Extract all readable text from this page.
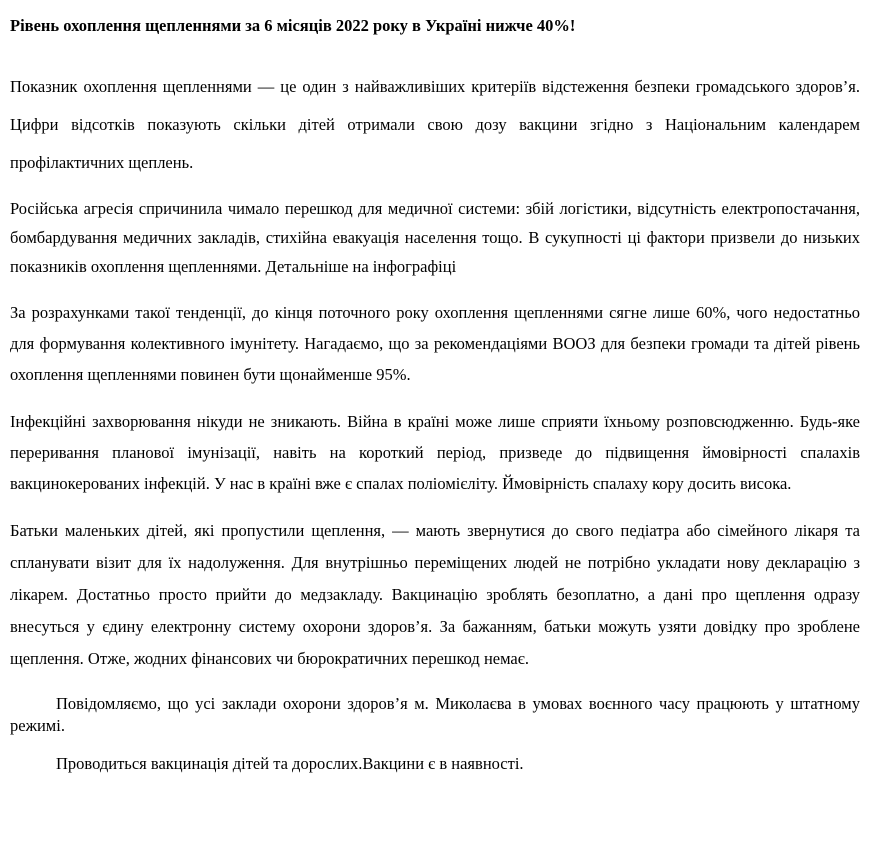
Рівень охоплення щепленнями за 6 місяців 2022 року в Україні нижче 40%!

Показник охоплення щепленнями — це один з найважливіших критеріїв відстеження безпеки громадського здоров’я. Цифри відсотків показують скільки дітей отримали свою дозу вакцини згідно з Національним календарем профілактичних щеплень.

Російська агресія спричинила чимало перешкод для медичної системи: збій логістики, відсутність електропостачання, бомбардування медичних закладів, стихійна евакуація населення тощо. В сукупності ці фактори призвели до низьких показників охоплення щепленнями. Детальніше на інфографіці

За розрахунками такої тенденції, до кінця поточного року охоплення щепленнями сягне лише 60%, чого недостатньо для формування колективного імунітету. Нагадаємо, що за рекомендаціями ВООЗ для безпеки громади та дітей рівень охоплення щепленнями повинен бути щонайменше 95%.

Інфекційні захворювання нікуди не зникають. Війна в країні може лише сприяти їхньому розповсюдженню. Будь-яке переривання планової імунізації, навіть на короткий період, призведе до підвищення ймовірності спалахів вакцинокерованих інфекцій. У нас в країні вже є спалах поліомієліту. Ймовірність спалаху кору досить висока.

Батьки маленьких дітей, які пропустили щеплення, — мають звернутися до свого педіатра або сімейного лікаря та спланувати візит для їх надолуження. Для внутрішньо переміщених людей не потрібно укладати нову декларацію з лікарем. Достатньо просто прийти до медзакладу. Вакцинацію зроблять безоплатно, а дані про щеплення одразу внесуться у єдину електронну систему охорони здоров’я. За бажанням, батьки можуть узяти довідку про зроблене щеплення. Отже, жодних фінансових чи бюрократичних перешкод немає.

Повідомляємо, що усі заклади охорони здоров’я м. Миколаєва в умовах воєнного часу працюють у штатному режимі.

Проводиться вакцинація дітей та дорослих.Вакцини є в наявності.
